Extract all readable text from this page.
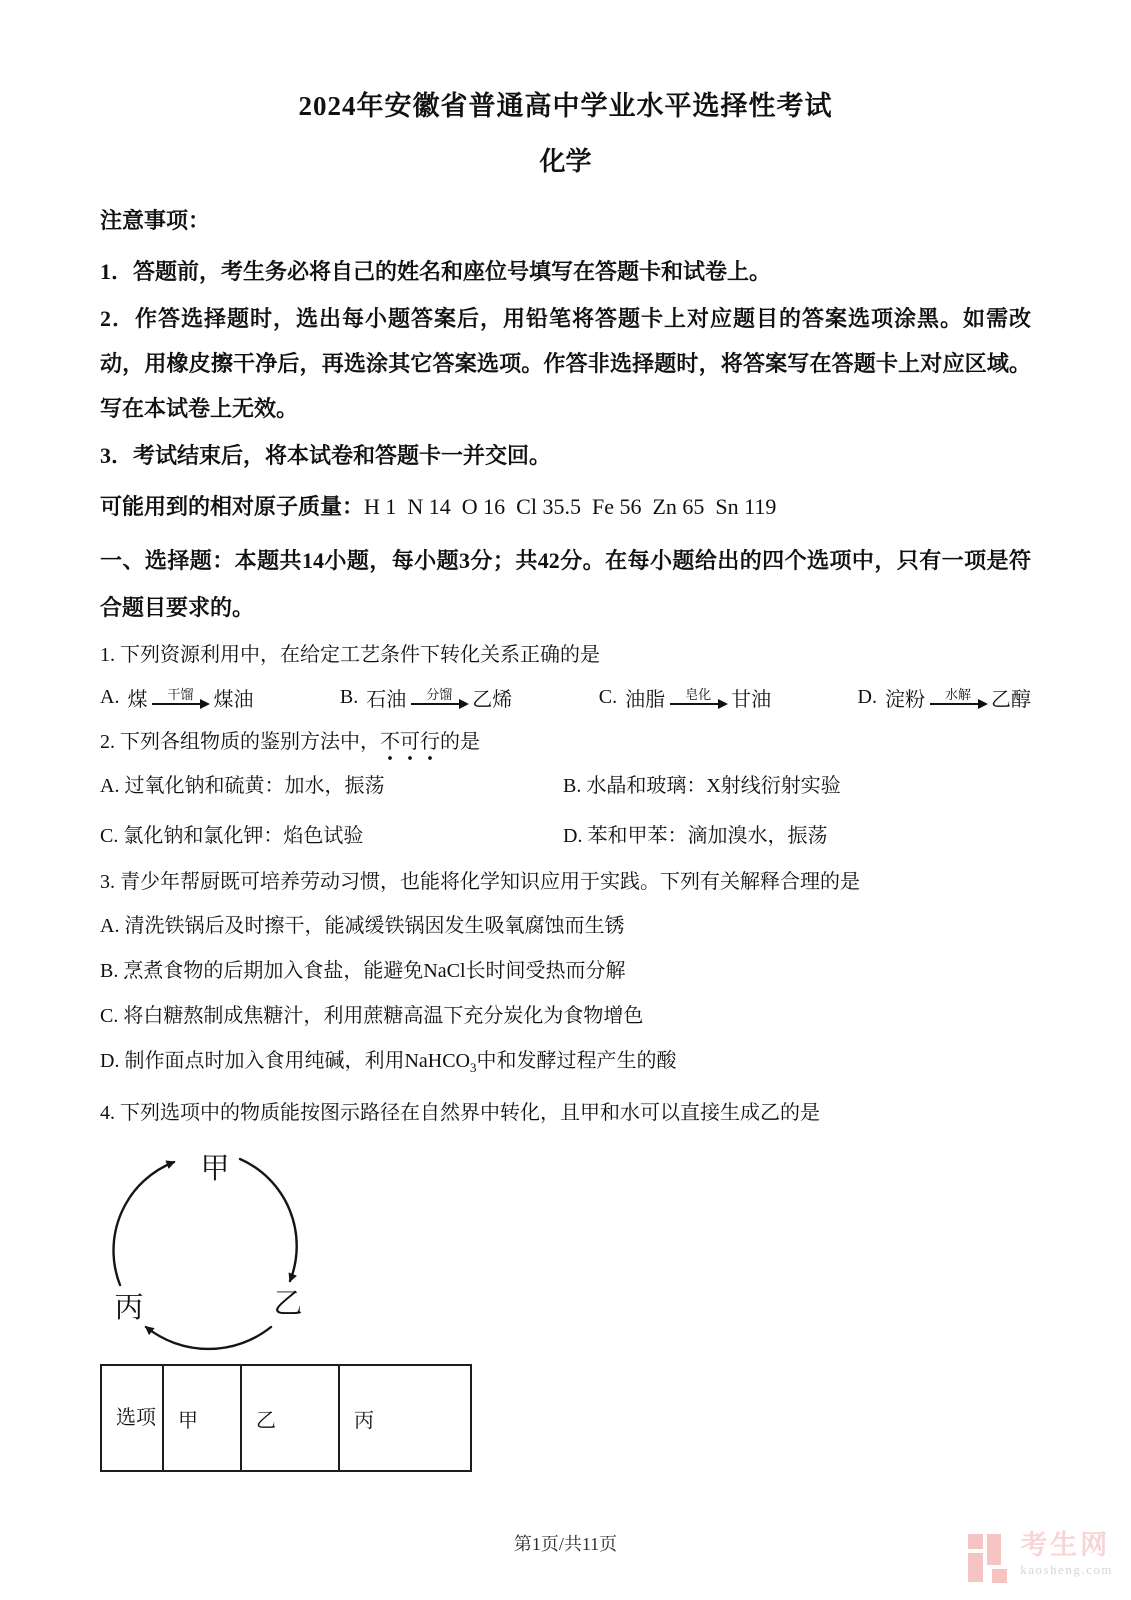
2024年安徽省普通高中学业水平选择性考试
化学
注意事项：
1．答题前，考生务必将自己的姓名和座位号填写在答题卡和试卷上。
2．作答选择题时，选出每小题答案后，用铅笔将答题卡上对应题目的答案选项涂黑。如需改动，用橡皮擦干净后，再选涂其它答案选项。作答非选择题时，将答案写在答题卡上对应区域。写在本试卷上无效。
3．考试结束后，将本试卷和答题卡一并交回。
可能用到的相对原子质量：H 1  N 14  O 16  Cl 35.5  Fe 56  Zn 65  Sn 119
一、选择题：本题共14小题，每小题3分；共42分。在每小题给出的四个选项中，只有一项是符合题目要求的。
1. 下列资源利用中，在给定工艺条件下转化关系正确的是
A. 煤 干馏 煤油	B. 石油 分馏 乙烯	C. 油脂 皂化 甘油	D. 淀粉 水解 乙醇
2. 下列各组物质的鉴别方法中，不可行的是
A. 过氧化钠和硫黄：加水，振荡	B. 水晶和玻璃：X射线衍射实验
C. 氯化钠和氯化钾：焰色试验	D. 苯和甲苯：滴加溴水，振荡
3. 青少年帮厨既可培养劳动习惯，也能将化学知识应用于实践。下列有关解释合理的是
A. 清洗铁锅后及时擦干，能减缓铁锅因发生吸氧腐蚀而生锈
B. 烹煮食物的后期加入食盐，能避免NaCl长时间受热而分解
C. 将白糖熬制成焦糖汁，利用蔗糖高温下充分炭化为食物增色
D. 制作面点时加入食用纯碱，利用NaHCO$_3$中和发酵过程产生的酸
4. 下列选项中的物质能按图示路径在自然界中转化，且甲和水可以直接生成乙的是
甲
乙
丙
选项	甲	乙	丙
第1页/共11页	考生网
kaosheng.com
